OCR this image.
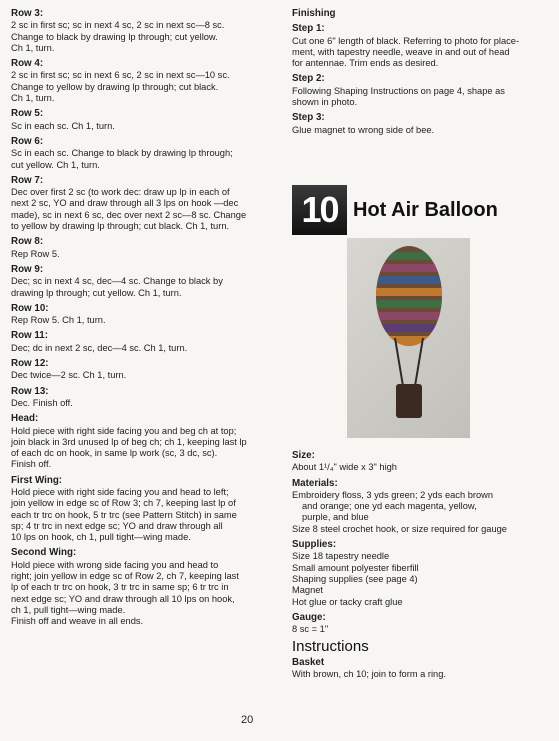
Row 3:
2 sc in first sc; sc in next 4 sc, 2 sc in next sc—8 sc.
Change to black by drawing lp through; cut yellow.
Ch 1, turn.
Row 4:
2 sc in first sc; sc in next 6 sc, 2 sc in next sc—10 sc.
Change to yellow by drawing lp through; cut black.
Ch 1, turn.
Row 5:
Sc in each sc. Ch 1, turn.
Row 6:
Sc in each sc. Change to black by drawing lp through;
cut yellow. Ch 1, turn.
Row 7:
Dec over first 2 sc (to work dec: draw up lp in each of
next 2 sc, YO and draw through all 3 lps on hook —dec
made), sc in next 6 sc, dec over next 2 sc—8 sc. Change
to yellow by drawing lp through; cut black. Ch 1, turn.
Row 8:
Rep Row 5.
Row 9:
Dec; sc in next 4 sc, dec—4 sc. Change to black by
drawing lp through; cut yellow. Ch 1, turn.
Row 10:
Rep Row 5. Ch 1, turn.
Row 11:
Dec; dc in next 2 sc, dec—4 sc. Ch 1, turn.
Row 12:
Dec twice—2 sc. Ch 1, turn.
Row 13:
Dec. Finish off.
Head:
Hold piece with right side facing you and beg ch at top;
join black in 3rd unused lp of beg ch; ch 1, keeping last lp
of each dc on hook, in same lp work (sc, 3 dc, sc).
Finish off.
First Wing:
Hold piece with right side facing you and head to left;
join yellow in edge sc of Row 3; ch 7, keeping last lp of
each tr trc on hook, 5 tr trc (see Pattern Stitch) in same
sp; 4 tr trc in next edge sc; YO and draw through all
10 lps on hook, ch 1, pull tight—wing made.
Second Wing:
Hold piece with wrong side facing you and head to
right; join yellow in edge sc of Row 2, ch 7, keeping last
lp of each tr trc on hook, 3 tr trc in same sp; 6 tr trc in
next edge sc; YO and draw through all 10 lps on hook,
ch 1, pull tight—wing made.
Finish off and weave in all ends.
Finishing
Step 1:
Cut one 6" length of black. Referring to photo for place-
ment, with tapestry needle, weave in and out of head
for antennae. Trim ends as desired.
Step 2:
Following Shaping Instructions on page 4, shape as
shown in photo.
Step 3:
Glue magnet to wrong side of bee.
10 Hot Air Balloon
Size:
About 1¹/₄" wide x 3" high
Materials:
Embroidery floss, 3 yds green; 2 yds each brown
and orange; one yd each magenta, yellow,
purple, and blue
Size 8 steel crochet hook, or size required for gauge
Supplies:
Size 18 tapestry needle
Small amount polyester fiberfill
Shaping supplies (see page 4)
Magnet
Hot glue or tacky craft glue
Gauge:
8 sc = 1"
Instructions
Basket
With brown, ch 10; join to form a ring.
20
